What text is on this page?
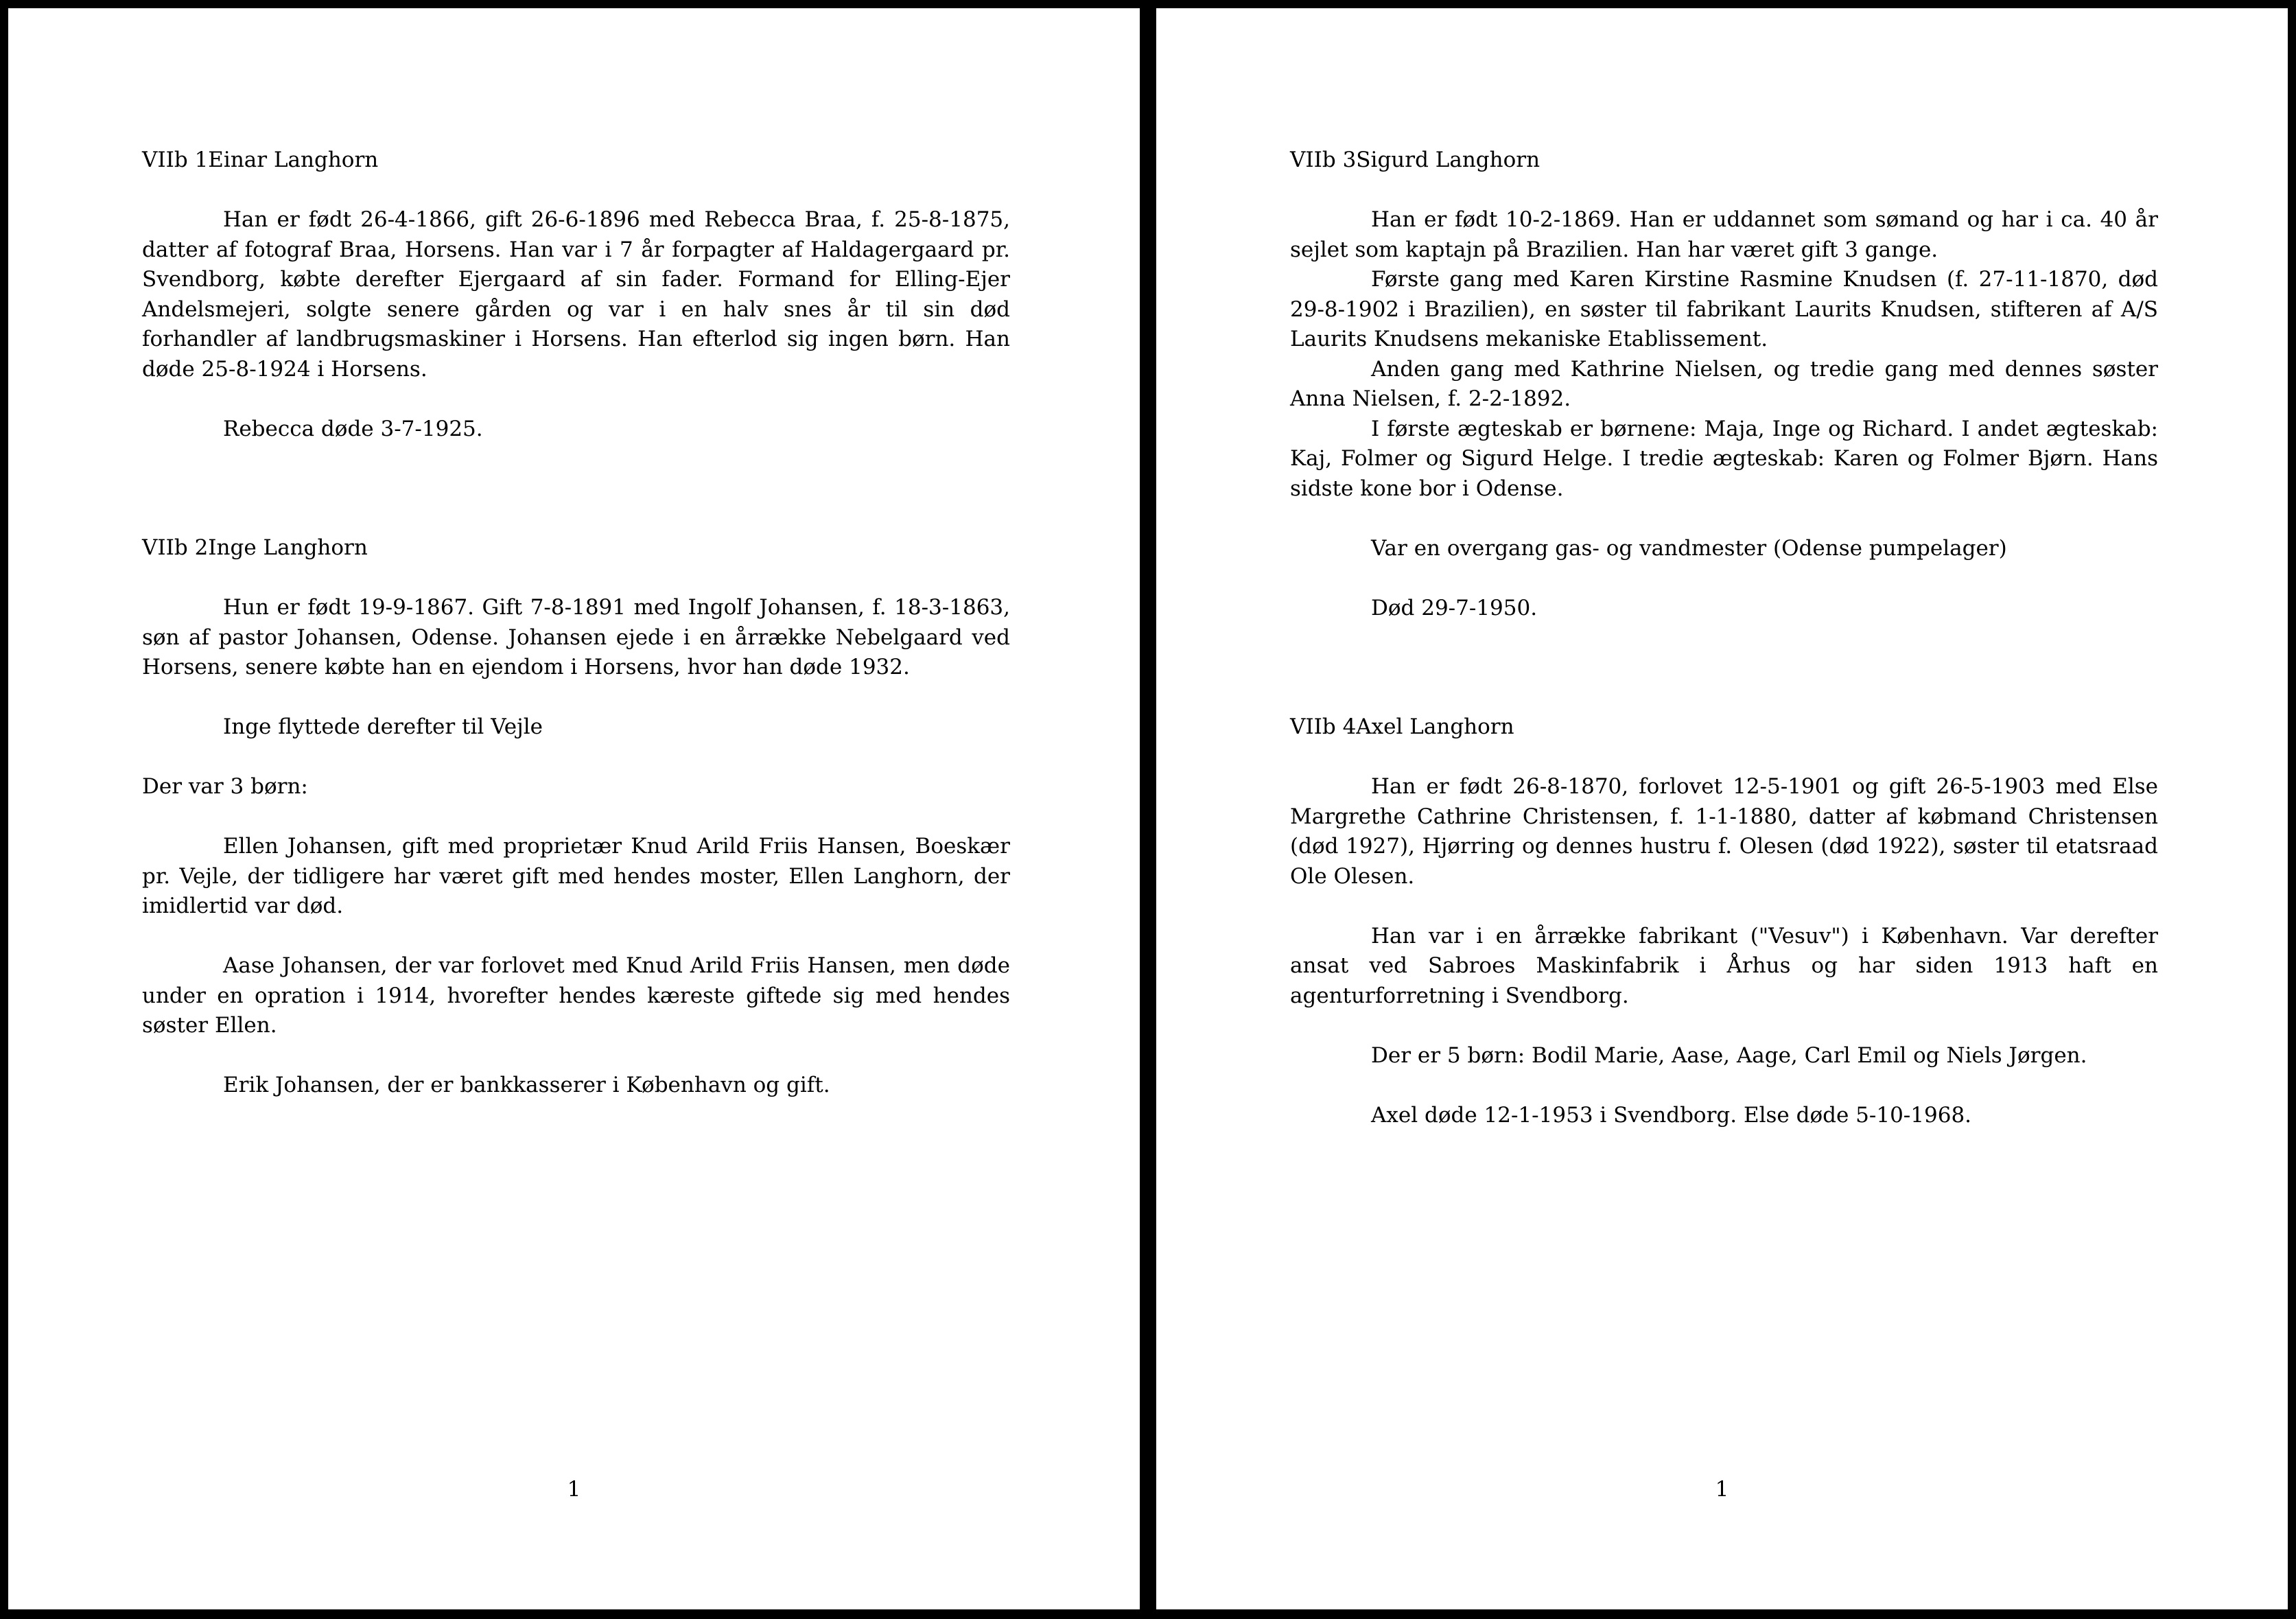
VIIb 1Einar Langhorn

Han er født 26-4-1866, gift 26-6-1896 med Rebecca Braa, f. 25-8-1875, datter af fotograf Braa, Horsens. Han var i 7 år forpagter af Haldagergaard pr. Svendborg, købte derefter Ejergaard af sin fader. Formand for Elling-Ejer Andelsmejeri, solgte senere gården og var i en halv snes år til sin død forhandler af landbrugsmaskiner i Horsens. Han efterlod sig ingen børn. Han døde 25-8-1924 i Horsens.

Rebecca døde 3-7-1925.

VIIb 2Inge Langhorn

Hun er født 19-9-1867. Gift 7-8-1891 med Ingolf Johansen, f. 18-3-1863, søn af pastor Johansen, Odense. Johansen ejede i en årrække Nebelgaard ved Horsens, senere købte han en ejendom i Horsens, hvor han døde 1932.

Inge flyttede derefter til Vejle

Der var 3 børn:

Ellen Johansen, gift med proprietær Knud Arild Friis Hansen, Boeskær pr. Vejle, der tidligere har været gift med hendes moster, Ellen Langhorn, der imidlertid var død.

Aase Johansen, der var forlovet med Knud Arild Friis Hansen, men døde under en opration i 1914, hvorefter hendes kæreste giftede sig med hendes søster Ellen.

Erik Johansen, der er bankkasserer i København og gift.

1
VIIb 3Sigurd Langhorn

Han er født 10-2-1869. Han er uddannet som sømand og har i ca. 40 år sejlet som kaptajn på Brazilien. Han har været gift 3 gange.

Første gang med Karen Kirstine Rasmine Knudsen (f. 27-11-1870, død 29-8-1902 i Brazilien), en søster til fabrikant Laurits Knudsen, stifteren af A/S Laurits Knudsens mekaniske Etablissement.

Anden gang med Kathrine Nielsen, og tredie gang med dennes søster Anna Nielsen, f. 2-2-1892.

I første ægteskab er børnene: Maja, Inge og Richard. I andet ægteskab: Kaj, Folmer og Sigurd Helge. I tredie ægteskab: Karen og Folmer Bjørn. Hans sidste kone bor i Odense.

Var en overgang gas- og vandmester (Odense pumpelager)

Død 29-7-1950.

VIIb 4Axel Langhorn

Han er født 26-8-1870, forlovet 12-5-1901 og gift 26-5-1903 med Else Margrethe Cathrine Christensen, f. 1-1-1880, datter af købmand Christensen (død 1927), Hjørring og dennes hustru f. Olesen (død 1922), søster til etatsraad Ole Olesen.

Han var i en årrække fabrikant ("Vesuv") i København. Var derefter ansat ved Sabroes Maskinfabrik i Århus og har siden 1913 haft en agenturforretning i Svendborg.

Der er 5 børn: Bodil Marie, Aase, Aage, Carl Emil og Niels Jørgen.

Axel døde 12-1-1953 i Svendborg. Else døde 5-10-1968.

1
